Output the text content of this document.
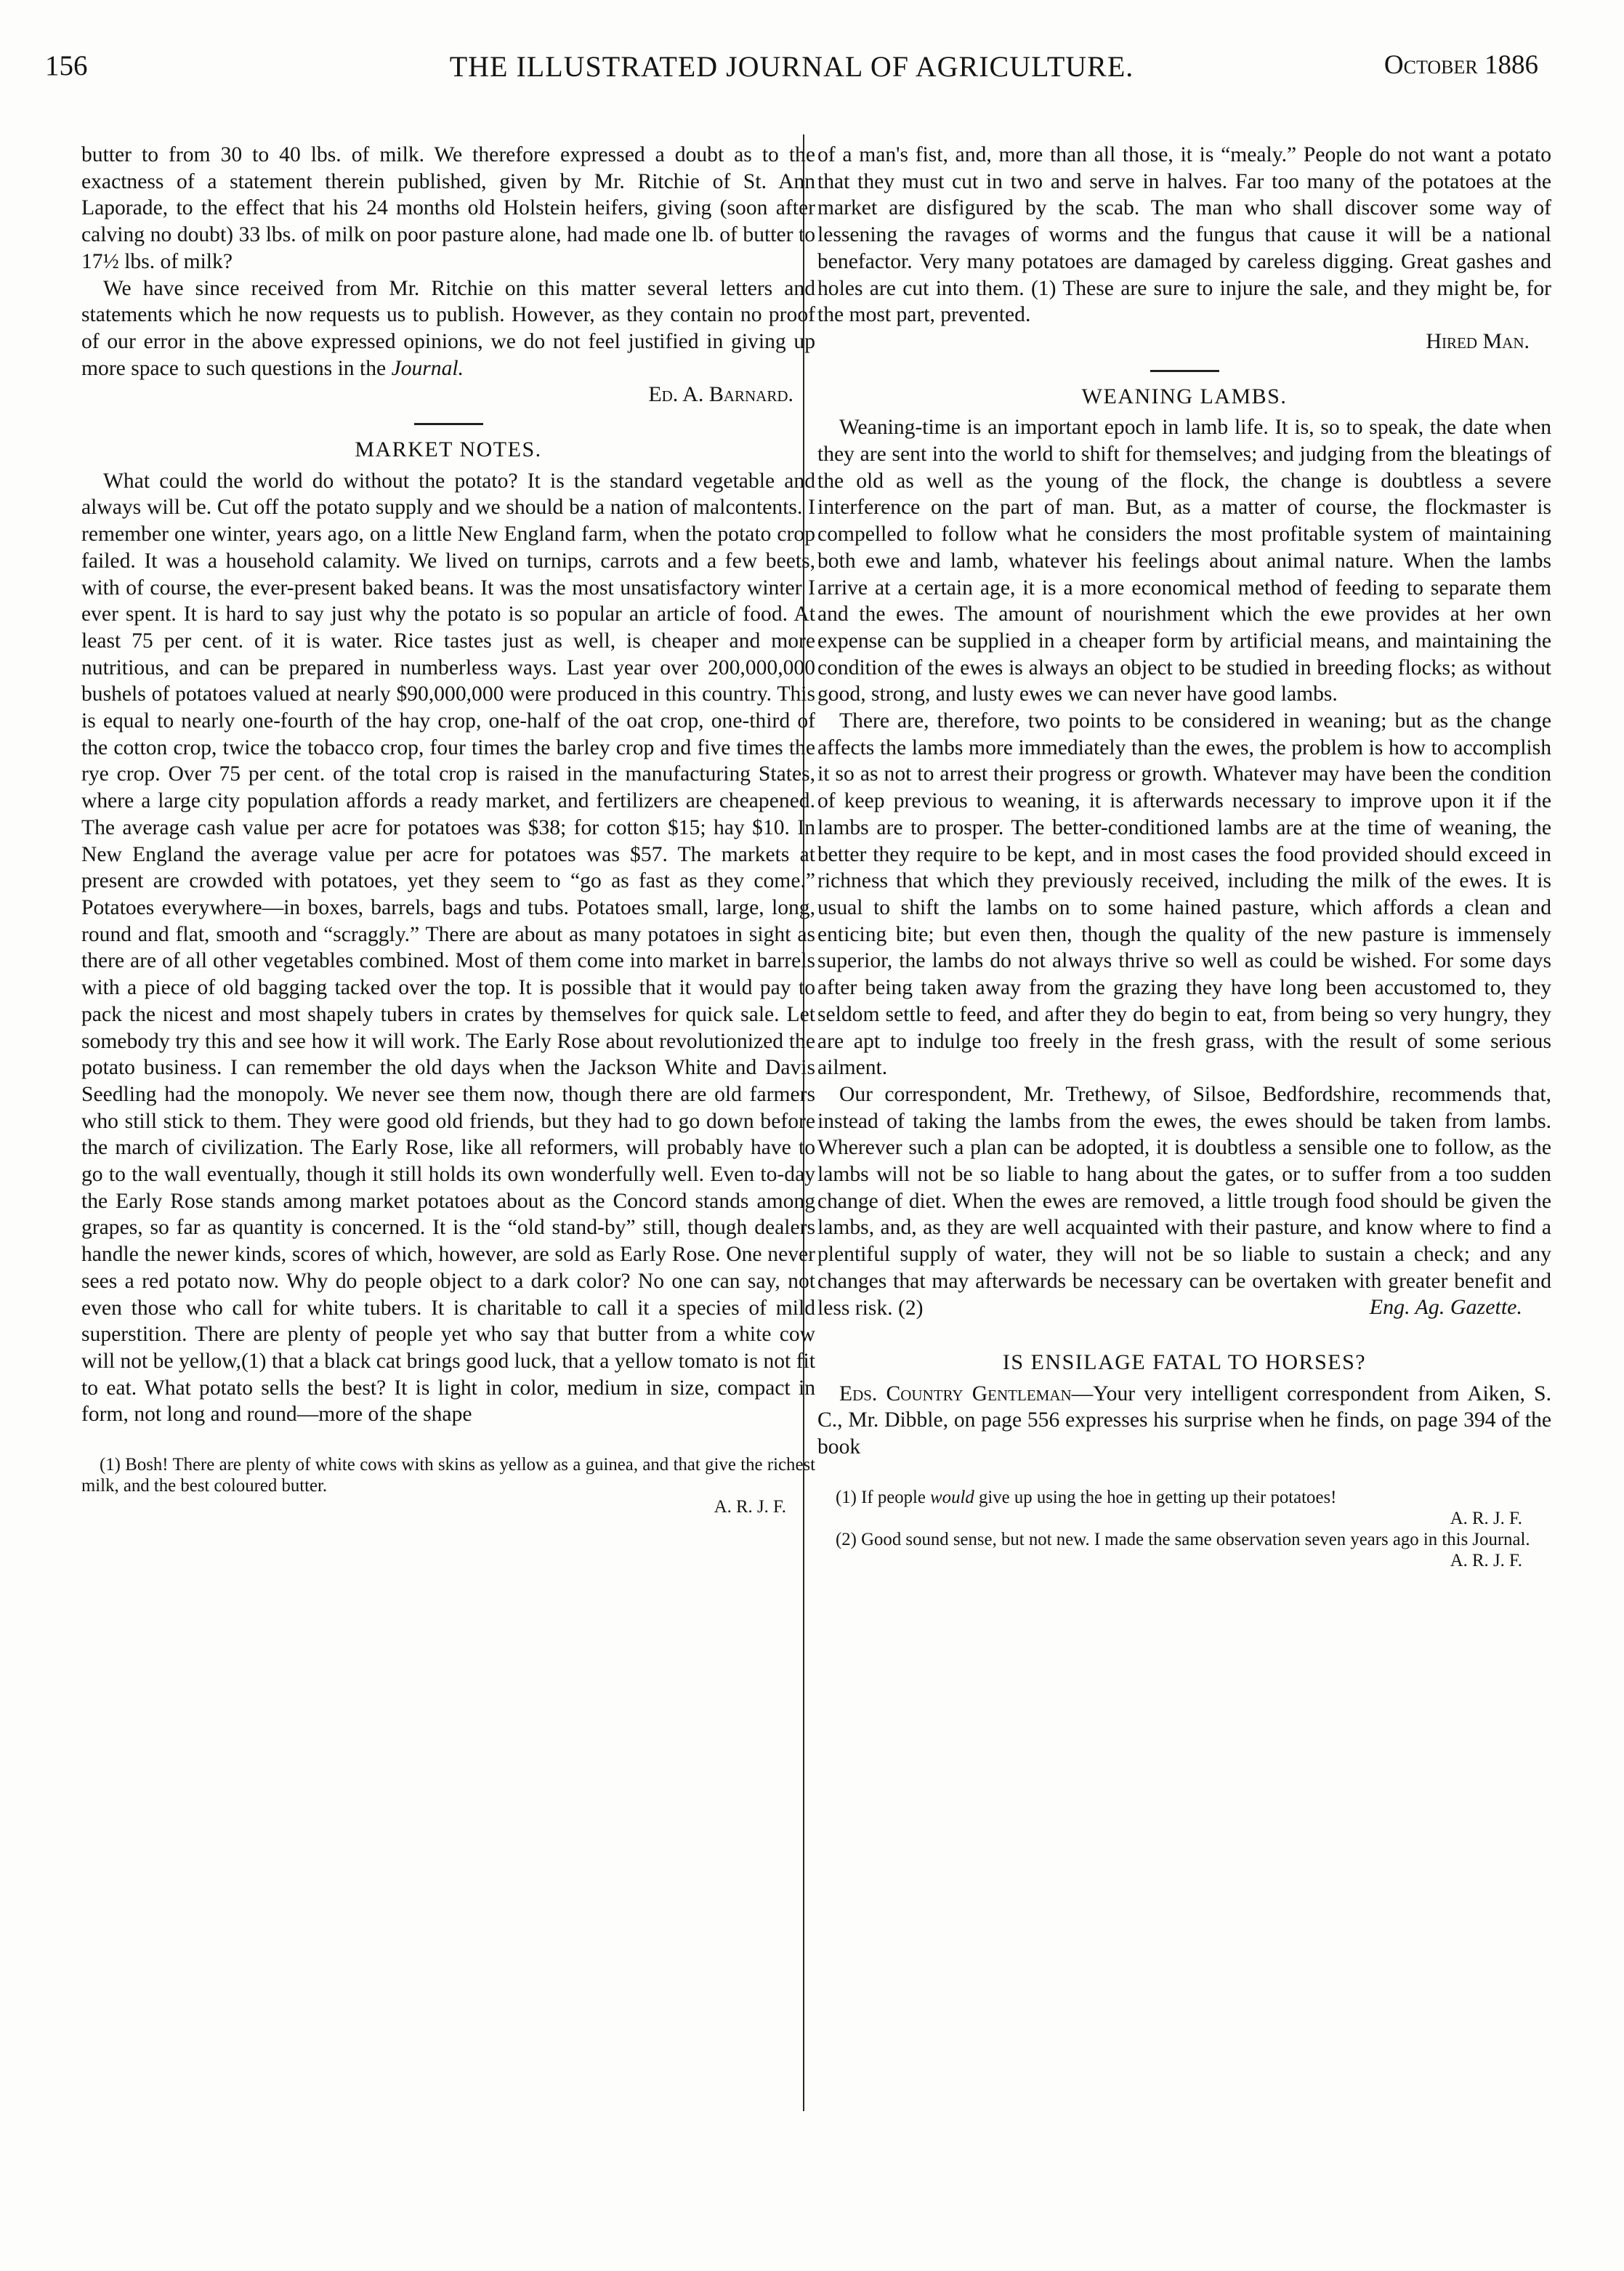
156	THE ILLUSTRATED JOURNAL OF AGRICULTURE.	October 1886

butter to from 30 to 40 lbs. of milk. We therefore expressed a doubt as to the exactness of a statement therein published, given by Mr. Ritchie of St. Ann Laporade, to the effect that his 24 months old Holstein heifers, giving (soon after calving no doubt) 33 lbs. of milk on poor pasture alone, had made one lb. of butter to 17½ lbs. of milk?

We have since received from Mr. Ritchie on this matter several letters and statements which he now requests us to publish. However, as they contain no proof of our error in the above expressed opinions, we do not feel justified in giving up more space to such questions in the Journal.

Ed. A. Barnard.

MARKET NOTES.

What could the world do without the potato? It is the standard vegetable and always will be. Cut off the potato supply and we should be a nation of malcontents. I remember one winter, years ago, on a little New England farm, when the potato crop failed. It was a household calamity. We lived on turnips, carrots and a few beets, with of course, the ever-present baked beans. It was the most unsatisfactory winter I ever spent. It is hard to say just why the potato is so popular an article of food. At least 75 per cent. of it is water. Rice tastes just as well, is cheaper and more nutritious, and can be prepared in numberless ways. Last year over 200,000,000 bushels of potatoes valued at nearly $90,000,000 were produced in this country. This is equal to nearly one-fourth of the hay crop, one-half of the oat crop, one-third of the cotton crop, twice the tobacco crop, four times the barley crop and five times the rye crop. Over 75 per cent. of the total crop is raised in the manufacturing States, where a large city population affords a ready market, and fertilizers are cheapened. The average cash value per acre for potatoes was $38; for cotton $15; hay $10. In New England the average value per acre for potatoes was $57. The markets at present are crowded with potatoes, yet they seem to “go as fast as they come.” Potatoes everywhere—in boxes, barrels, bags and tubs. Potatoes small, large, long, round and flat, smooth and “scraggly.” There are about as many potatoes in sight as there are of all other vegetables combined. Most of them come into market in barrels with a piece of old bagging tacked over the top. It is possible that it would pay to pack the nicest and most shapely tubers in crates by themselves for quick sale. Let somebody try this and see how it will work. The Early Rose about revolutionized the potato business. I can remember the old days when the Jackson White and Davis Seedling had the monopoly. We never see them now, though there are old farmers who still stick to them. They were good old friends, but they had to go down before the march of civilization. The Early Rose, like all reformers, will probably have to go to the wall eventually, though it still holds its own wonderfully well. Even to-day the Early Rose stands among market potatoes about as the Concord stands among grapes, so far as quantity is concerned. It is the “old stand-by” still, though dealers handle the newer kinds, scores of which, however, are sold as Early Rose. One never sees a red potato now. Why do people object to a dark color? No one can say, not even those who call for white tubers. It is charitable to call it a species of mild superstition. There are plenty of people yet who say that butter from a white cow will not be yellow,(1) that a black cat brings good luck, that a yellow tomato is not fit to eat. What potato sells the best? It is light in color, medium in size, compact in form, not long and round—more of the shape

(1) Bosh! There are plenty of white cows with skins as yellow as a guinea, and that give the richest milk, and the best coloured butter.

A. R. J. F.

of a man's fist, and, more than all those, it is “mealy.” People do not want a potato that they must cut in two and serve in halves. Far too many of the potatoes at the market are disfigured by the scab. The man who shall discover some way of lessening the ravages of worms and the fungus that cause it will be a national benefactor. Very many potatoes are damaged by careless digging. Great gashes and holes are cut into them. (1) These are sure to injure the sale, and they might be, for the most part, prevented.

Hired Man.

WEANING LAMBS.

Weaning-time is an important epoch in lamb life. It is, so to speak, the date when they are sent into the world to shift for themselves; and judging from the bleatings of the old as well as the young of the flock, the change is doubtless a severe interference on the part of man. But, as a matter of course, the flockmaster is compelled to follow what he considers the most profitable system of maintaining both ewe and lamb, whatever his feelings about animal nature. When the lambs arrive at a certain age, it is a more economical method of feeding to separate them and the ewes. The amount of nourishment which the ewe provides at her own expense can be supplied in a cheaper form by artificial means, and maintaining the condition of the ewes is always an object to be studied in breeding flocks; as without good, strong, and lusty ewes we can never have good lambs.

There are, therefore, two points to be considered in weaning; but as the change affects the lambs more immediately than the ewes, the problem is how to accomplish it so as not to arrest their progress or growth. Whatever may have been the condition of keep previous to weaning, it is afterwards necessary to improve upon it if the lambs are to prosper. The better-conditioned lambs are at the time of weaning, the better they require to be kept, and in most cases the food provided should exceed in richness that which they previously received, including the milk of the ewes. It is usual to shift the lambs on to some hained pasture, which affords a clean and enticing bite; but even then, though the quality of the new pasture is immensely superior, the lambs do not always thrive so well as could be wished. For some days after being taken away from the grazing they have long been accustomed to, they seldom settle to feed, and after they do begin to eat, from being so very hungry, they are apt to indulge too freely in the fresh grass, with the result of some serious ailment.

Our correspondent, Mr. Trethewy, of Silsoe, Bedfordshire, recommends that, instead of taking the lambs from the ewes, the ewes should be taken from lambs. Wherever such a plan can be adopted, it is doubtless a sensible one to follow, as the lambs will not be so liable to hang about the gates, or to suffer from a too sudden change of diet. When the ewes are removed, a little trough food should be given the lambs, and, as they are well acquainted with their pasture, and know where to find a plentiful supply of water, they will not be so liable to sustain a check; and any changes that may afterwards be necessary can be overtaken with greater benefit and less risk. (2)	Eng. Ag. Gazette.

IS ENSILAGE FATAL TO HORSES?

Eds. Country Gentleman—Your very intelligent correspondent from Aiken, S. C., Mr. Dibble, on page 556 expresses his surprise when he finds, on page 394 of the book

(1) If people would give up using the hoe in getting up their potatoes!

A. R. J. F.

(2) Good sound sense, but not new. I made the same observation seven years ago in this Journal.

A. R. J. F.
